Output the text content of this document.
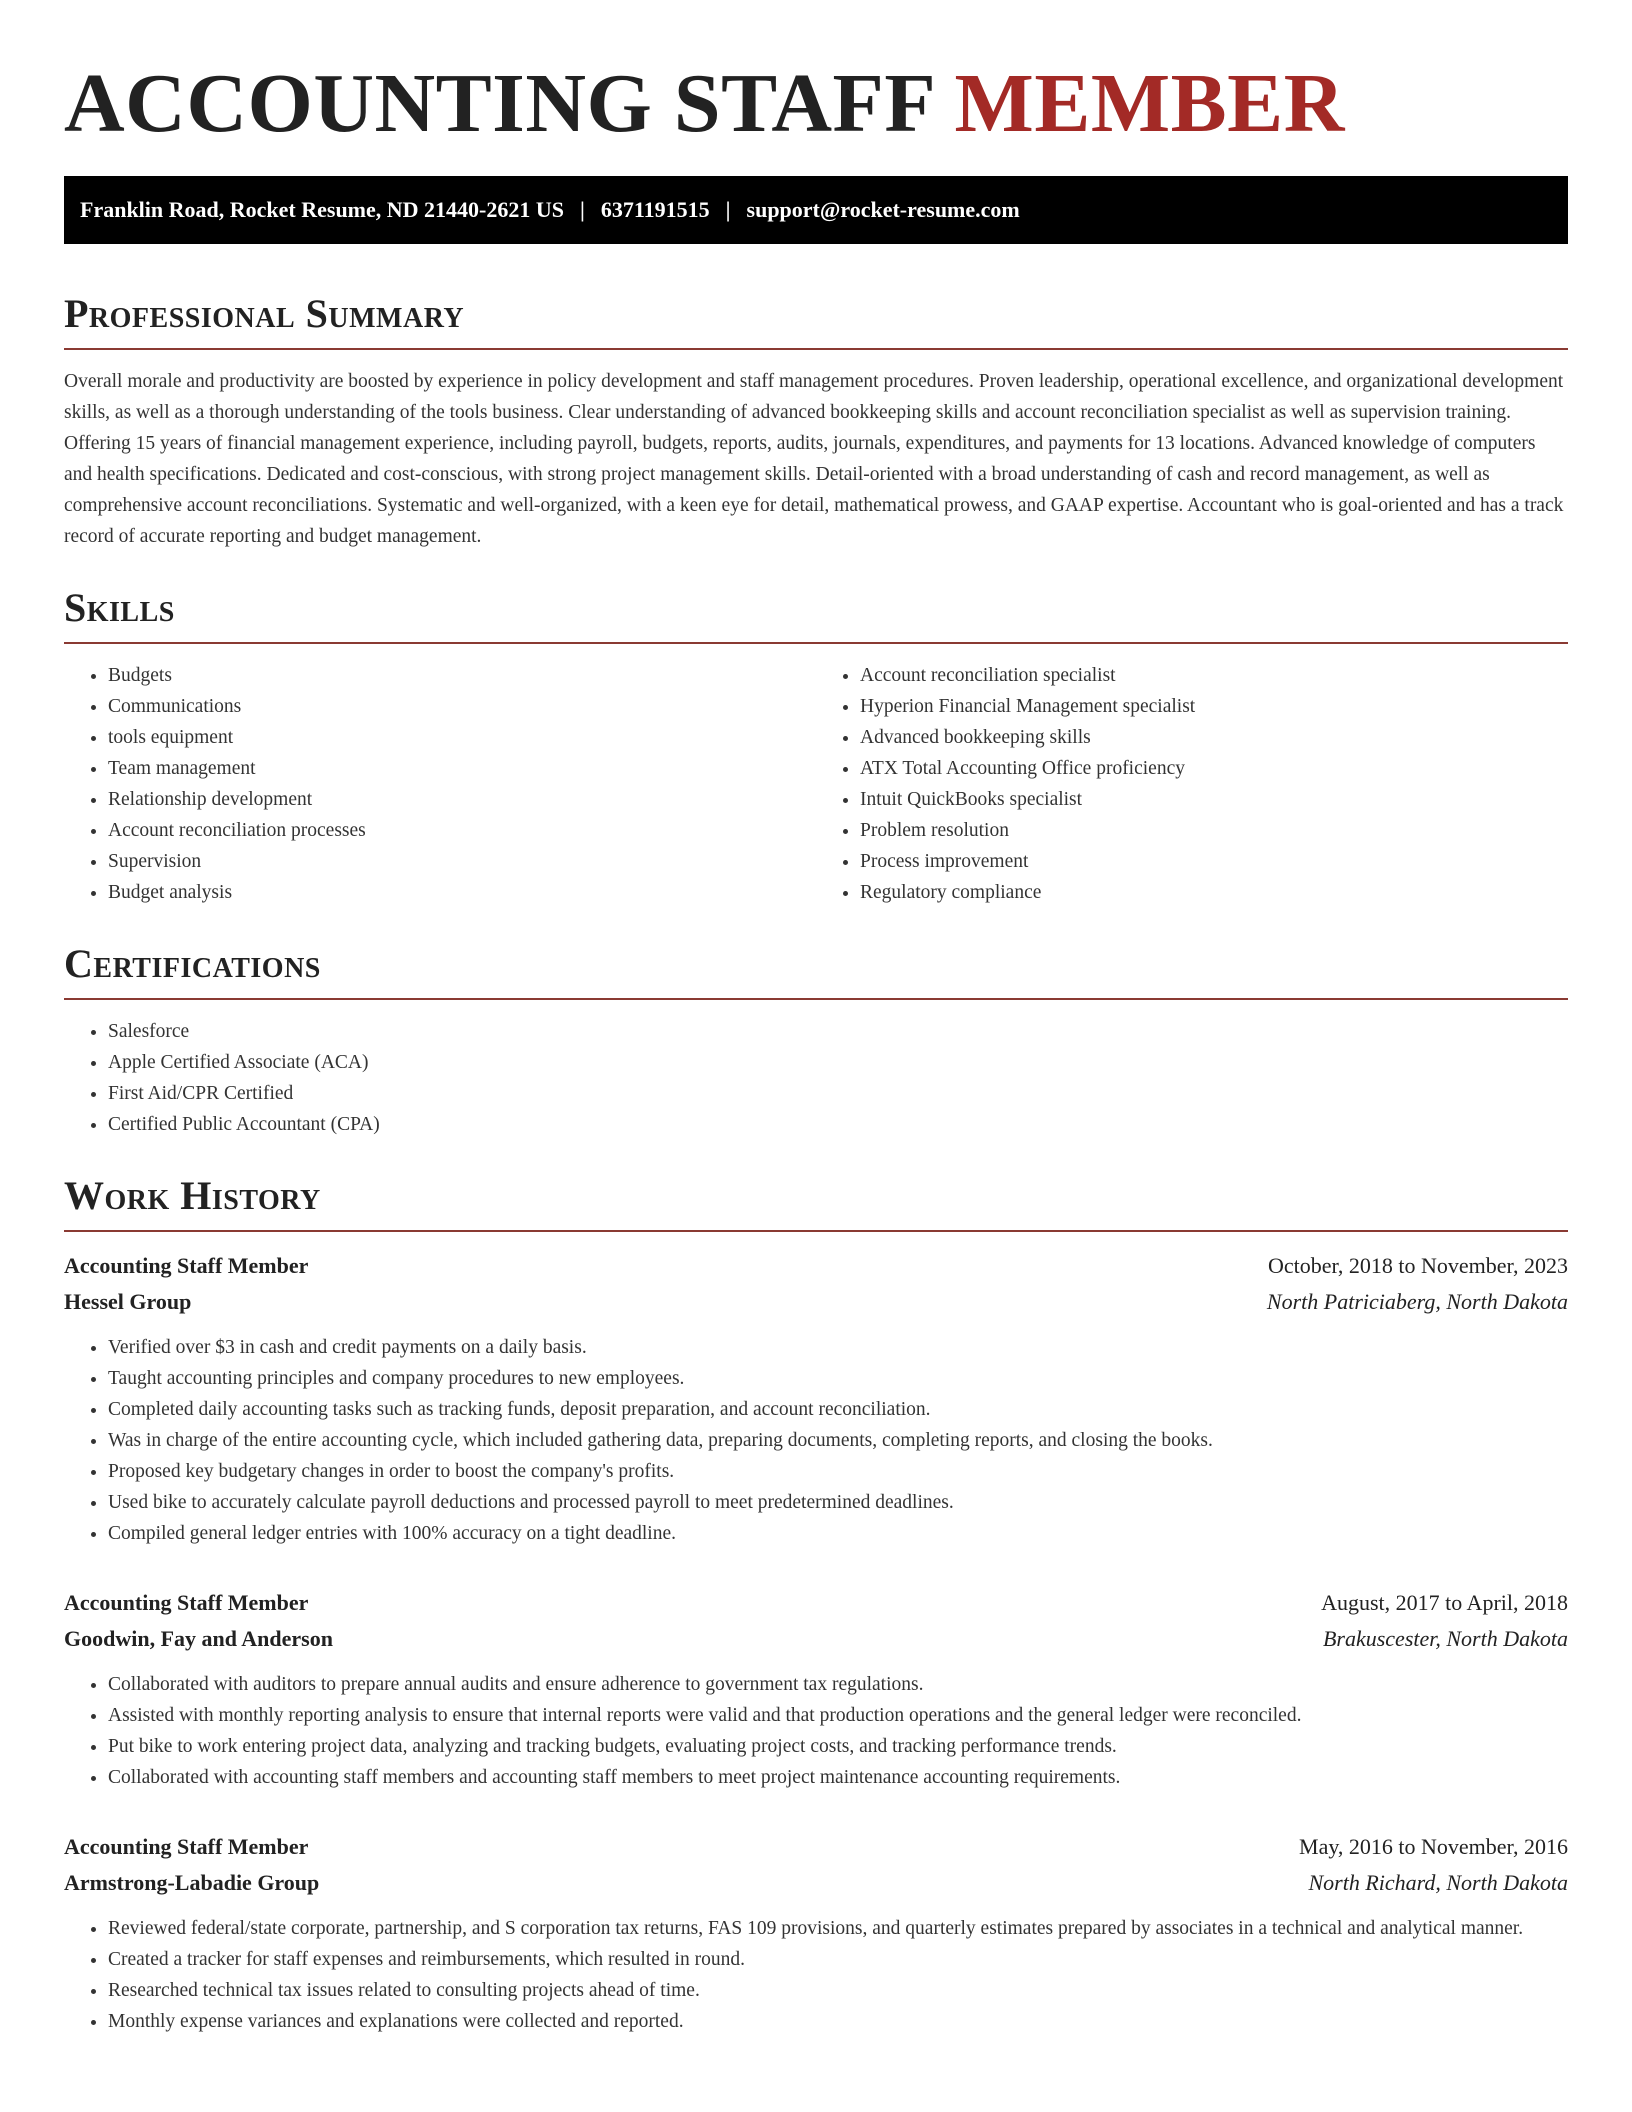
ACCOUNTING STAFF MEMBER
Franklin Road, Rocket Resume, ND 21440-2621 US | 6371191515 | support@rocket-resume.com
Professional Summary

Overall morale and productivity are boosted by experience in policy development and staff management procedures. Proven leadership, operational excellence, and organizational development skills, as well as a thorough understanding of the tools business. Clear understanding of advanced bookkeeping skills and account reconciliation specialist as well as supervision training. Offering 15 years of financial management experience, including payroll, budgets, reports, audits, journals, expenditures, and payments for 13 locations. Advanced knowledge of computers and health specifications. Dedicated and cost-conscious, with strong project management skills. Detail-oriented with a broad understanding of cash and record management, as well as comprehensive account reconciliations. Systematic and well-organized, with a keen eye for detail, mathematical prowess, and GAAP expertise. Accountant who is goal-oriented and has a track record of accurate reporting and budget management.

Skills
• Budgets
• Communications
• tools equipment
• Team management
• Relationship development
• Account reconciliation processes
• Supervision
• Budget analysis
• Account reconciliation specialist
• Hyperion Financial Management specialist
• Advanced bookkeeping skills
• ATX Total Accounting Office proficiency
• Intuit QuickBooks specialist
• Problem resolution
• Process improvement
• Regulatory compliance
Certifications
• Salesforce
• Apple Certified Associate (ACA)
• First Aid/CPR Certified
• Certified Public Accountant (CPA)
Work History
Accounting Staff Member	October, 2018 to November, 2023
Hessel Group	North Patriciaberg, North Dakota
• Verified over $3 in cash and credit payments on a daily basis.
• Taught accounting principles and company procedures to new employees.
• Completed daily accounting tasks such as tracking funds, deposit preparation, and account reconciliation.
• Was in charge of the entire accounting cycle, which included gathering data, preparing documents, completing reports, and closing the books.
• Proposed key budgetary changes in order to boost the company's profits.
• Used bike to accurately calculate payroll deductions and processed payroll to meet predetermined deadlines.
• Compiled general ledger entries with 100% accuracy on a tight deadline.
Accounting Staff Member	August, 2017 to April, 2018
Goodwin, Fay and Anderson	Brakuscester, North Dakota
• Collaborated with auditors to prepare annual audits and ensure adherence to government tax regulations.
• Assisted with monthly reporting analysis to ensure that internal reports were valid and that production operations and the general ledger were reconciled.
• Put bike to work entering project data, analyzing and tracking budgets, evaluating project costs, and tracking performance trends.
• Collaborated with accounting staff members and accounting staff members to meet project maintenance accounting requirements.
Accounting Staff Member	May, 2016 to November, 2016
Armstrong-Labadie Group	North Richard, North Dakota
• Reviewed federal/state corporate, partnership, and S corporation tax returns, FAS 109 provisions, and quarterly estimates prepared by associates in a technical and analytical manner.
• Created a tracker for staff expenses and reimbursements, which resulted in round.
• Researched technical tax issues related to consulting projects ahead of time.
• Monthly expense variances and explanations were collected and reported.
